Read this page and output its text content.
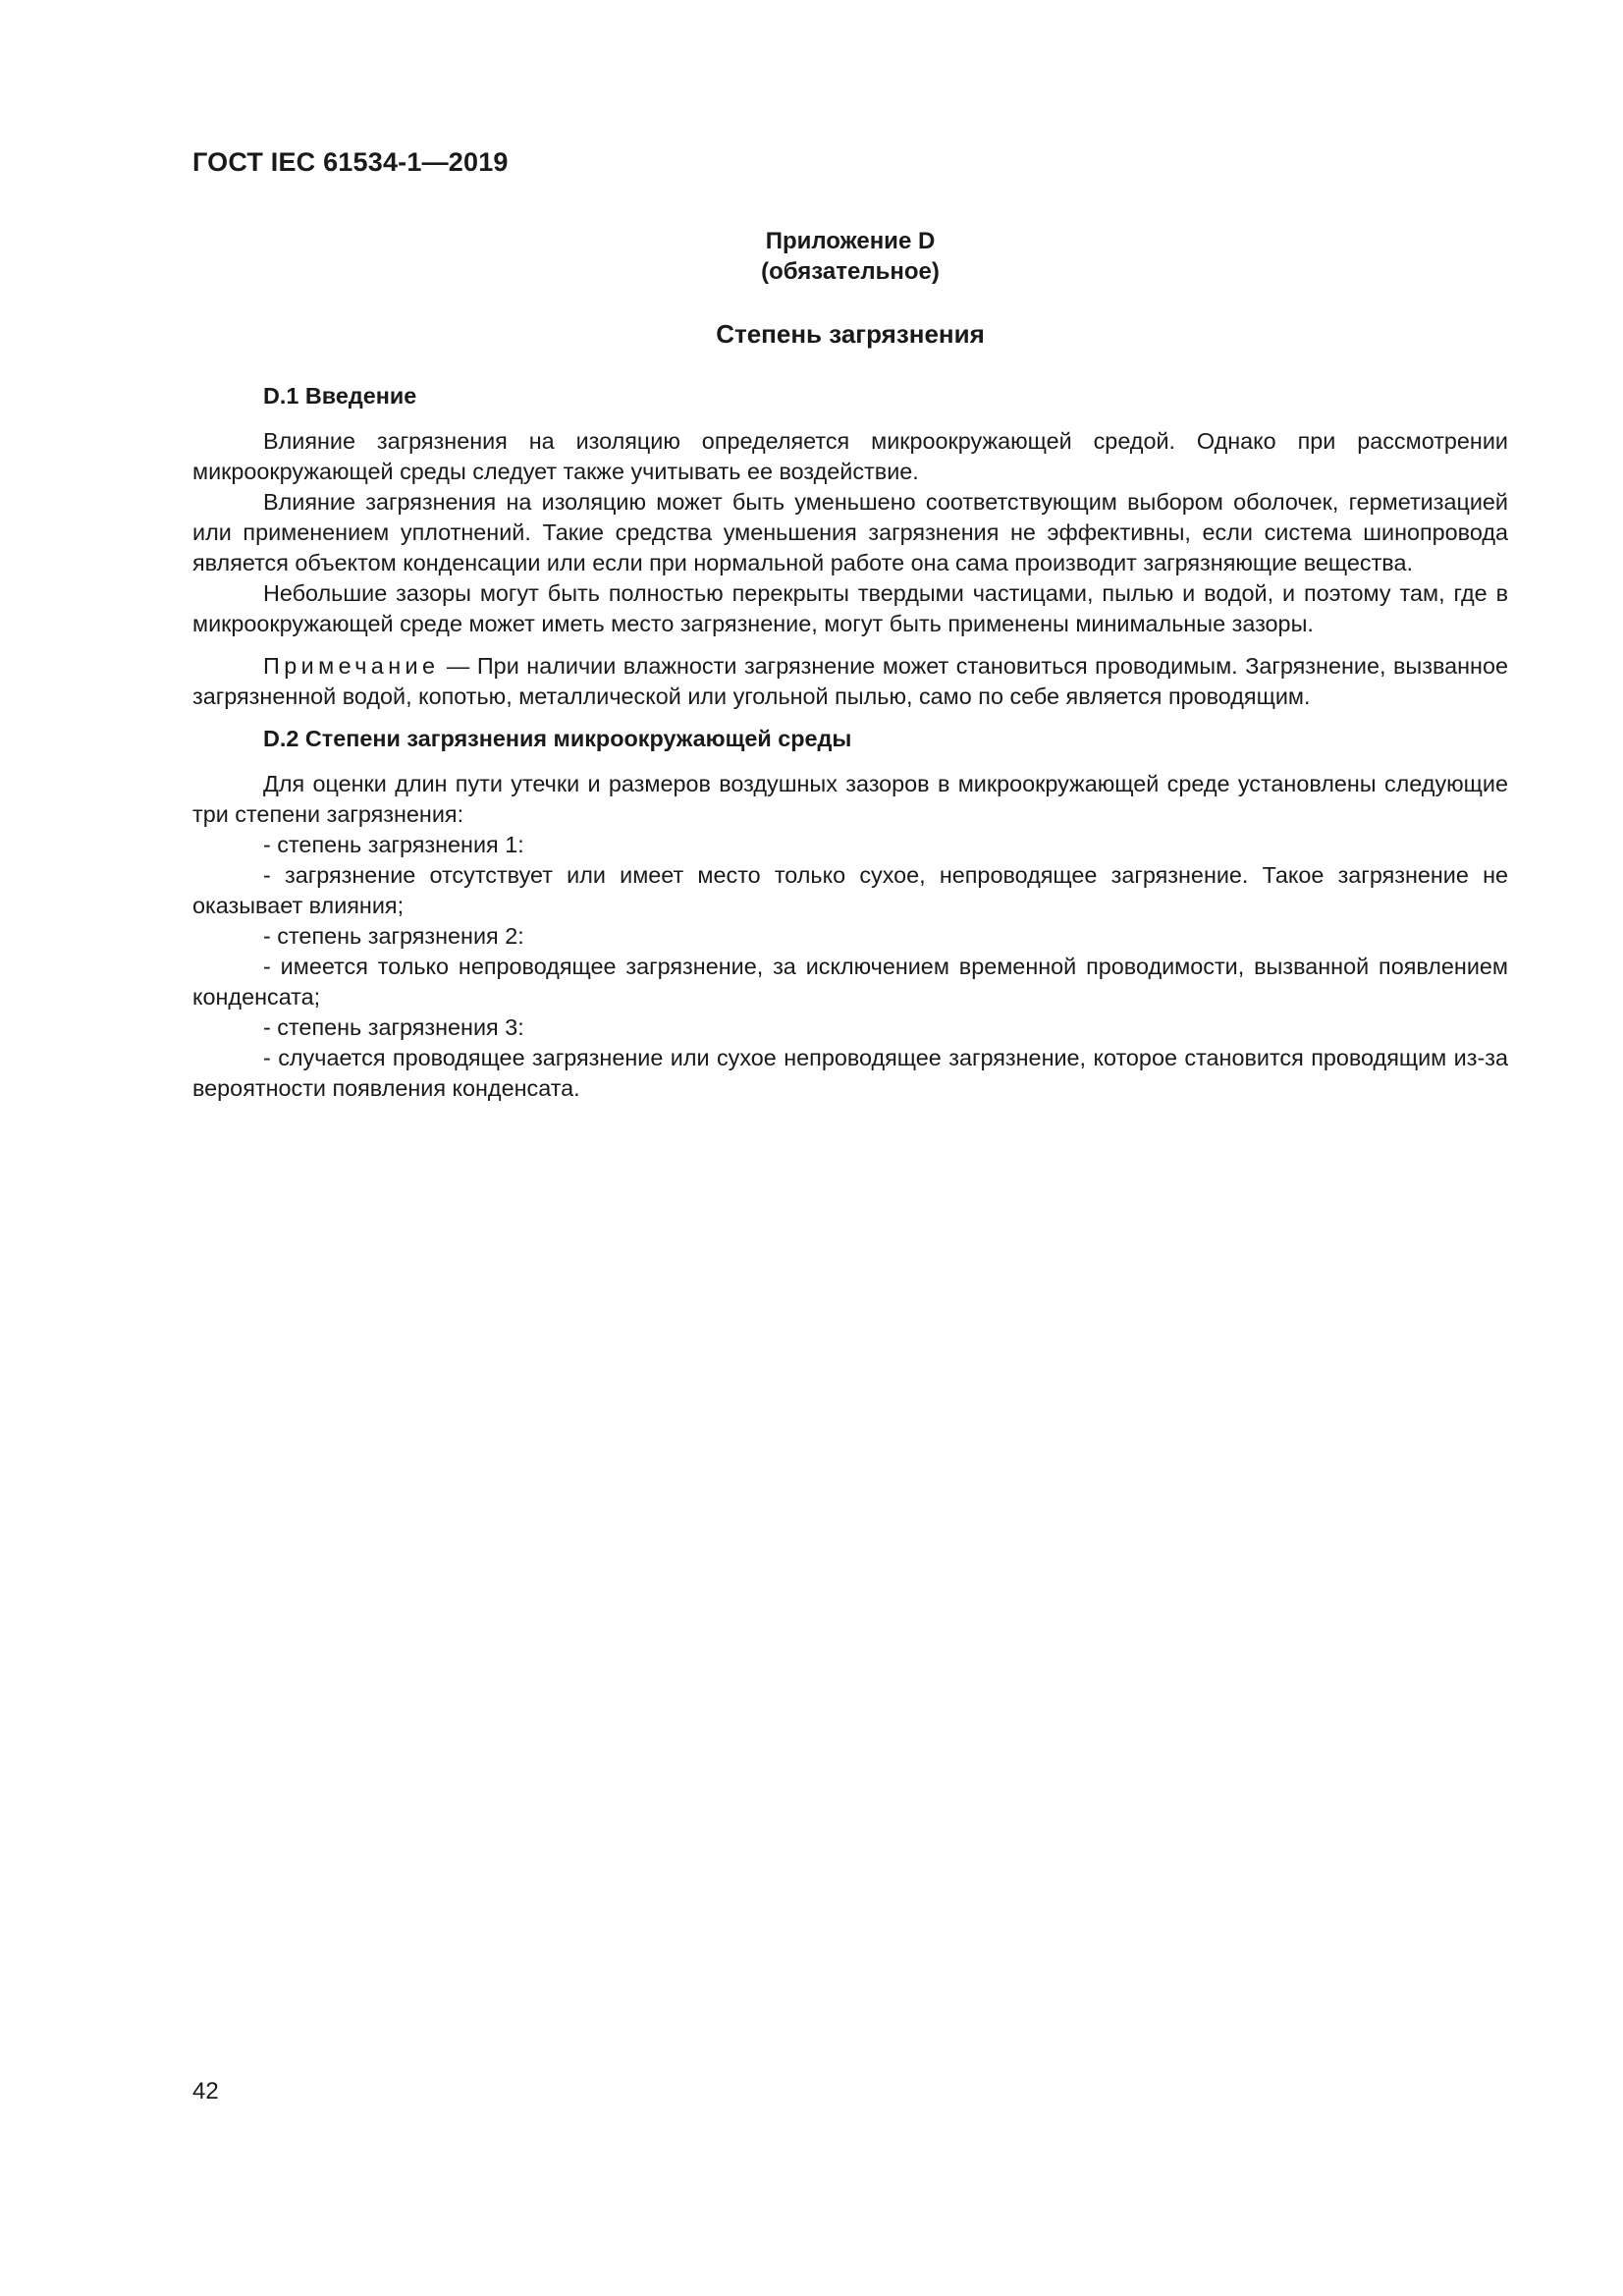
ГОСТ IEC 61534-1—2019
Приложение D
(обязательное)
Степень загрязнения

D.1 Введение

Влияние загрязнения на изоляцию определяется микроокружающей средой. Однако при рассмотрении микроокружающей среды следует также учитывать ее воздействие.

Влияние загрязнения на изоляцию может быть уменьшено соответствующим выбором оболочек, герметизацией или применением уплотнений. Такие средства уменьшения загрязнения не эффективны, если система шинопровода является объектом конденсации или если при нормальной работе она сама производит загрязняющие вещества.

Небольшие зазоры могут быть полностью перекрыты твердыми частицами, пылью и водой, и поэтому там, где в микроокружающей среде может иметь место загрязнение, могут быть применены минимальные зазоры.

Примечание — При наличии влажности загрязнение может становиться проводимым. Загрязнение, вызванное загрязненной водой, копотью, металлической или угольной пылью, само по себе является проводящим.

D.2 Степени загрязнения микроокружающей среды

Для оценки длин пути утечки и размеров воздушных зазоров в микроокружающей среде установлены следующие три степени загрязнения:

- степень загрязнения 1:

- загрязнение отсутствует или имеет место только сухое, непроводящее загрязнение. Такое загрязнение не оказывает влияния;

- степень загрязнения 2:

- имеется только непроводящее загрязнение, за исключением временной проводимости, вызванной появлением конденсата;

- степень загрязнения 3:

- случается проводящее загрязнение или сухое непроводящее загрязнение, которое становится проводящим из-за вероятности появления конденсата.

42
